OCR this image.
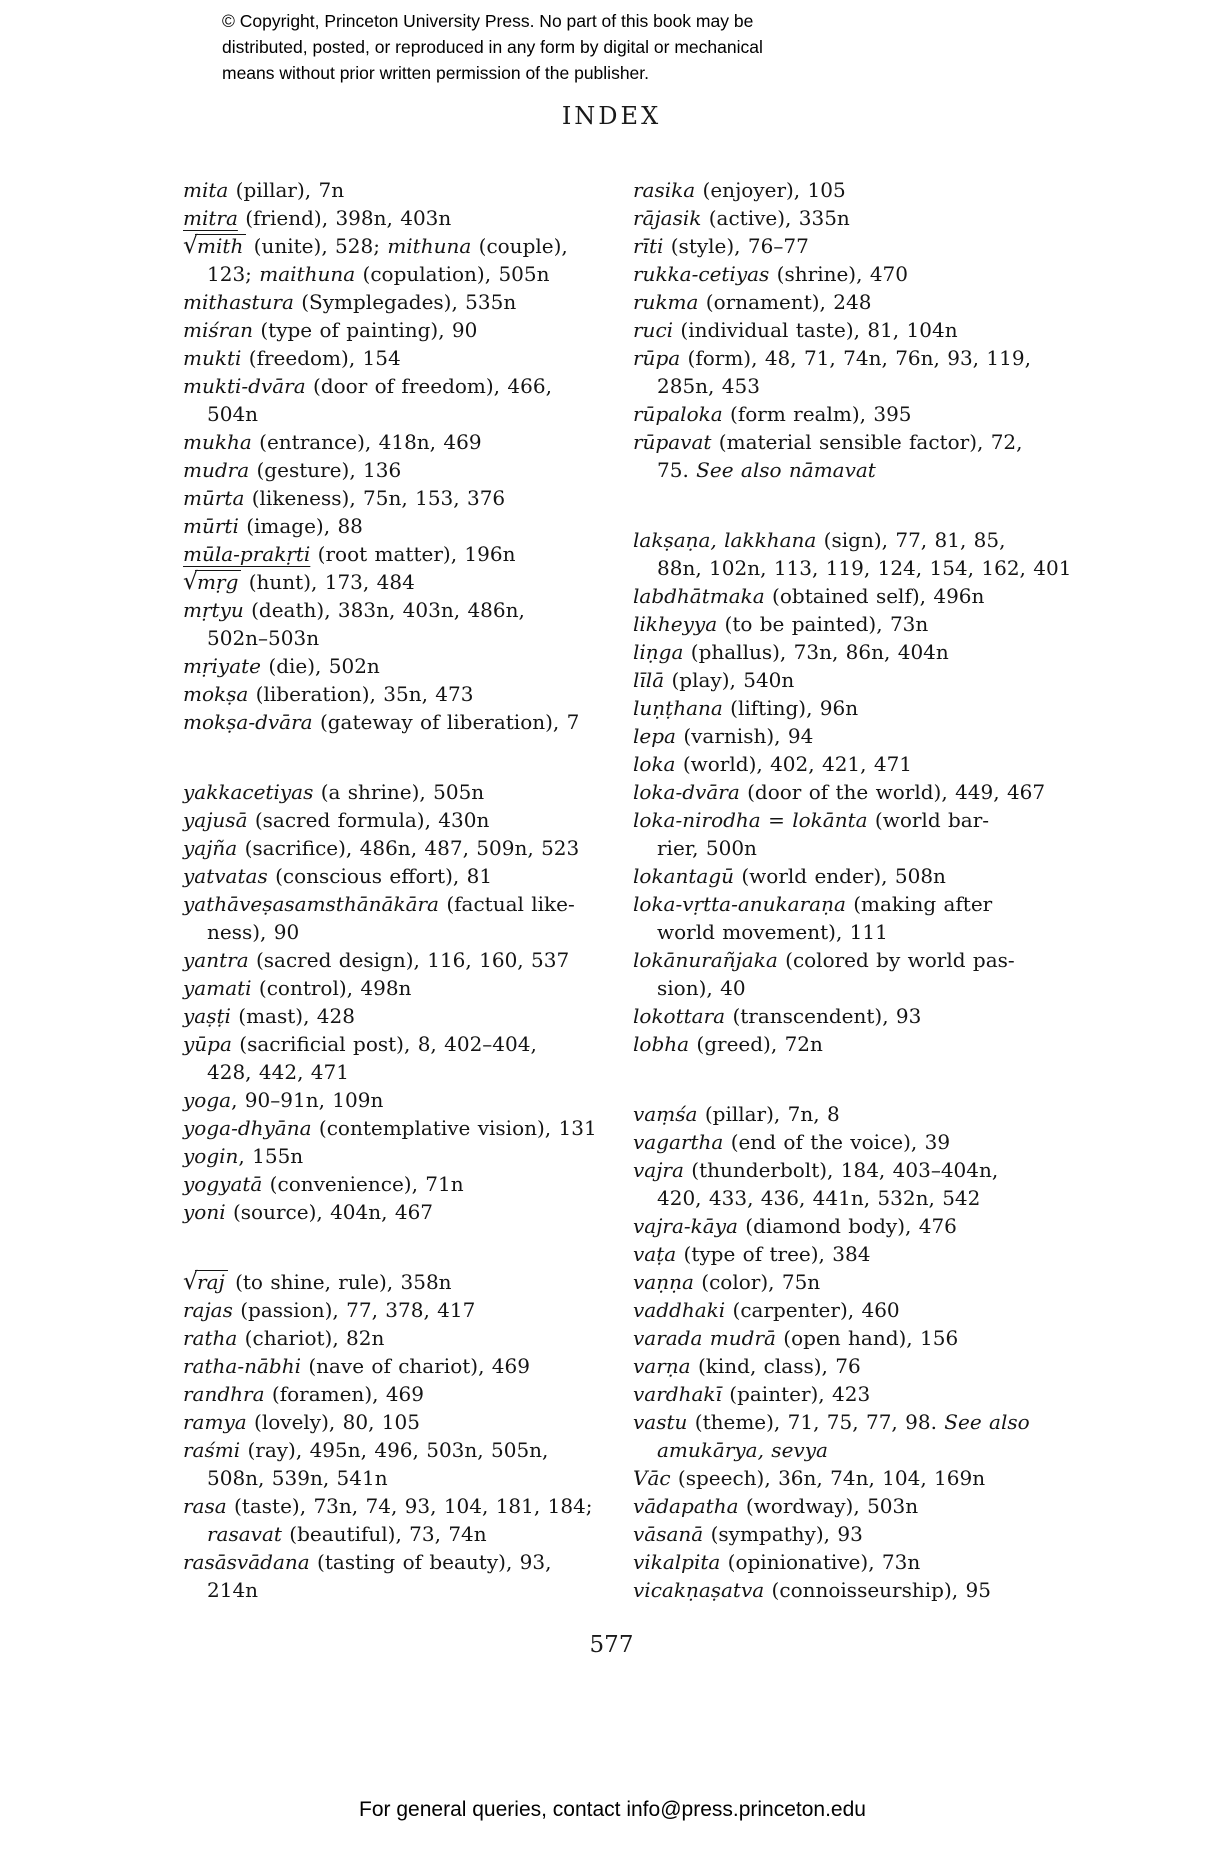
© Copyright, Princeton University Press. No part of this book may be
distributed, posted, or reproduced in any form by digital or mechanical
means without prior written permission of the publisher.
INDEX
mita (pillar), 7n
mitra (friend), 398n, 403n
√mith (unite), 528; mithuna (couple),
123; maithuna (copulation), 505n
mithastura (Symplegades), 535n
miśran (type of painting), 90
mukti (freedom), 154
mukti-dvāra (door of freedom), 466,
504n
mukha (entrance), 418n, 469
mudra (gesture), 136
mūrta (likeness), 75n, 153, 376
mūrti (image), 88
mūla-prakṛti (root matter), 196n
√mṛg (hunt), 173, 484
mṛtyu (death), 383n, 403n, 486n,
502n–503n
mṛiyate (die), 502n
mokṣa (liberation), 35n, 473
mokṣa-dvāra (gateway of liberation), 7
yakkacetiyas (a shrine), 505n
yajusā (sacred formula), 430n
yajña (sacrifice), 486n, 487, 509n, 523
yatvatas (conscious effort), 81
yathāveṣasamsthānākāra (factual like-
ness), 90
yantra (sacred design), 116, 160, 537
yamati (control), 498n
yaṣṭi (mast), 428
yūpa (sacrificial post), 8, 402–404,
428, 442, 471
yoga, 90–91n, 109n
yoga-dhyāna (contemplative vision), 131
yogin, 155n
yogyatā (convenience), 71n
yoni (source), 404n, 467
√raj (to shine, rule), 358n
rajas (passion), 77, 378, 417
ratha (chariot), 82n
ratha-nābhi (nave of chariot), 469
randhra (foramen), 469
ramya (lovely), 80, 105
raśmi (ray), 495n, 496, 503n, 505n,
508n, 539n, 541n
rasa (taste), 73n, 74, 93, 104, 181, 184;
rasavat (beautiful), 73, 74n
rasāsvādana (tasting of beauty), 93,
214n
rasika (enjoyer), 105
rājasik (active), 335n
rīti (style), 76–77
rukka-cetiyas (shrine), 470
rukma (ornament), 248
ruci (individual taste), 81, 104n
rūpa (form), 48, 71, 74n, 76n, 93, 119,
285n, 453
rūpaloka (form realm), 395
rūpavat (material sensible factor), 72,
75. See also nāmavat
lakṣaṇa, lakkhana (sign), 77, 81, 85,
88n, 102n, 113, 119, 124, 154, 162, 401
labdhātmaka (obtained self), 496n
likheyya (to be painted), 73n
liṇga (phallus), 73n, 86n, 404n
līlā (play), 540n
luṇṭhana (lifting), 96n
lepa (varnish), 94
loka (world), 402, 421, 471
loka-dvāra (door of the world), 449, 467
loka-nirodha = lokānta (world bar-
rier, 500n
lokantagū (world ender), 508n
loka-vṛtta-anukaraṇa (making after
world movement), 111
lokānurañjaka (colored by world pas-
sion), 40
lokottara (transcendent), 93
lobha (greed), 72n
vaṃśa (pillar), 7n, 8
vagartha (end of the voice), 39
vajra (thunderbolt), 184, 403–404n,
420, 433, 436, 441n, 532n, 542
vajra-kāya (diamond body), 476
vaṭa (type of tree), 384
vaṇṇa (color), 75n
vaddhaki (carpenter), 460
varada mudrā (open hand), 156
varṇa (kind, class), 76
vardhakī (painter), 423
vastu (theme), 71, 75, 77, 98. See also
amukārya, sevya
Vāc (speech), 36n, 74n, 104, 169n
vādapatha (wordway), 503n
vāsanā (sympathy), 93
vikalpita (opinionative), 73n
vicakṇaṣatva (connoisseurship), 95
577
For general queries, contact info@press.princeton.edu
